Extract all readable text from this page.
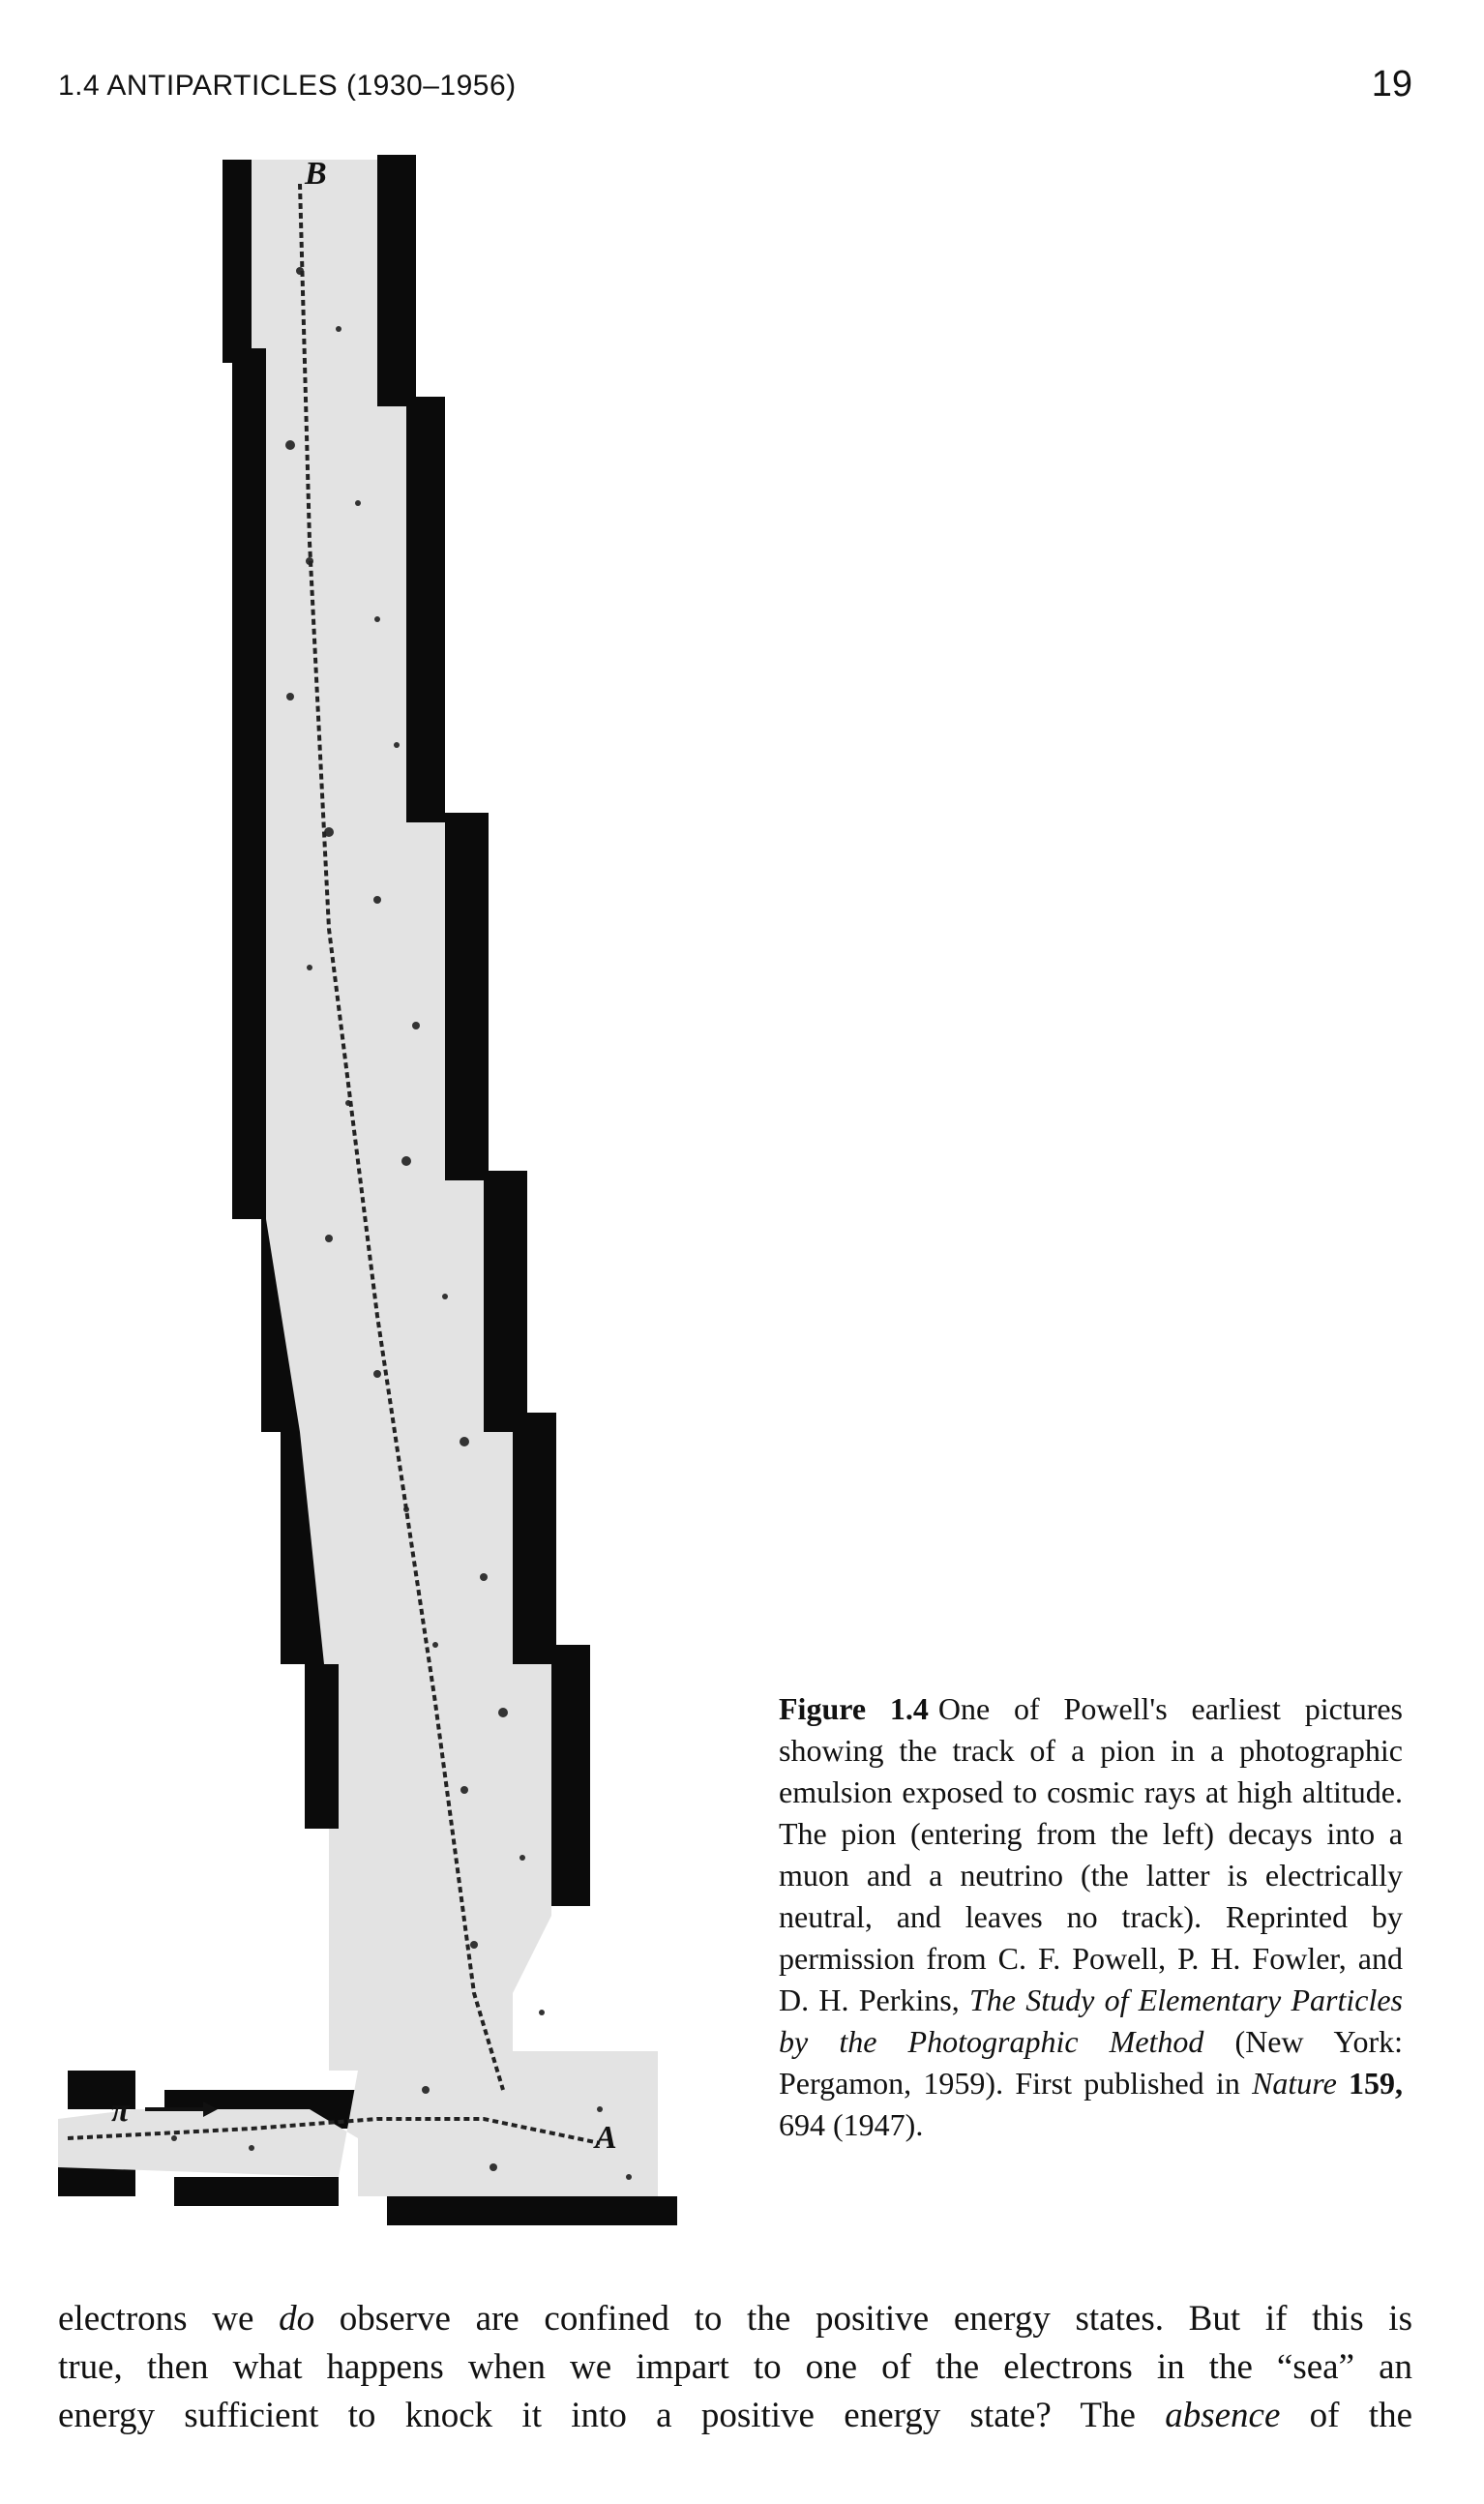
1.4 ANTIPARTICLES (1930–1956)	19
B
A
π
Figure 1.4 One of Powell's earliest pictures showing the track of a pion in a photographic emulsion exposed to cosmic rays at high altitude. The pion (entering from the left) decays into a muon and a neutrino (the latter is electrically neutral, and leaves no track). Reprinted by permission from C. F. Powell, P. H. Fowler, and D. H. Perkins, The Study of Elementary Particles by the Photographic Method (New York: Pergamon, 1959). First published in Nature 159, 694 (1947).
electrons we do observe are confined to the positive energy states. But if this is
true, then what happens when we impart to one of the electrons in the “sea” an
energy sufficient to knock it into a positive energy state? The absence of the
